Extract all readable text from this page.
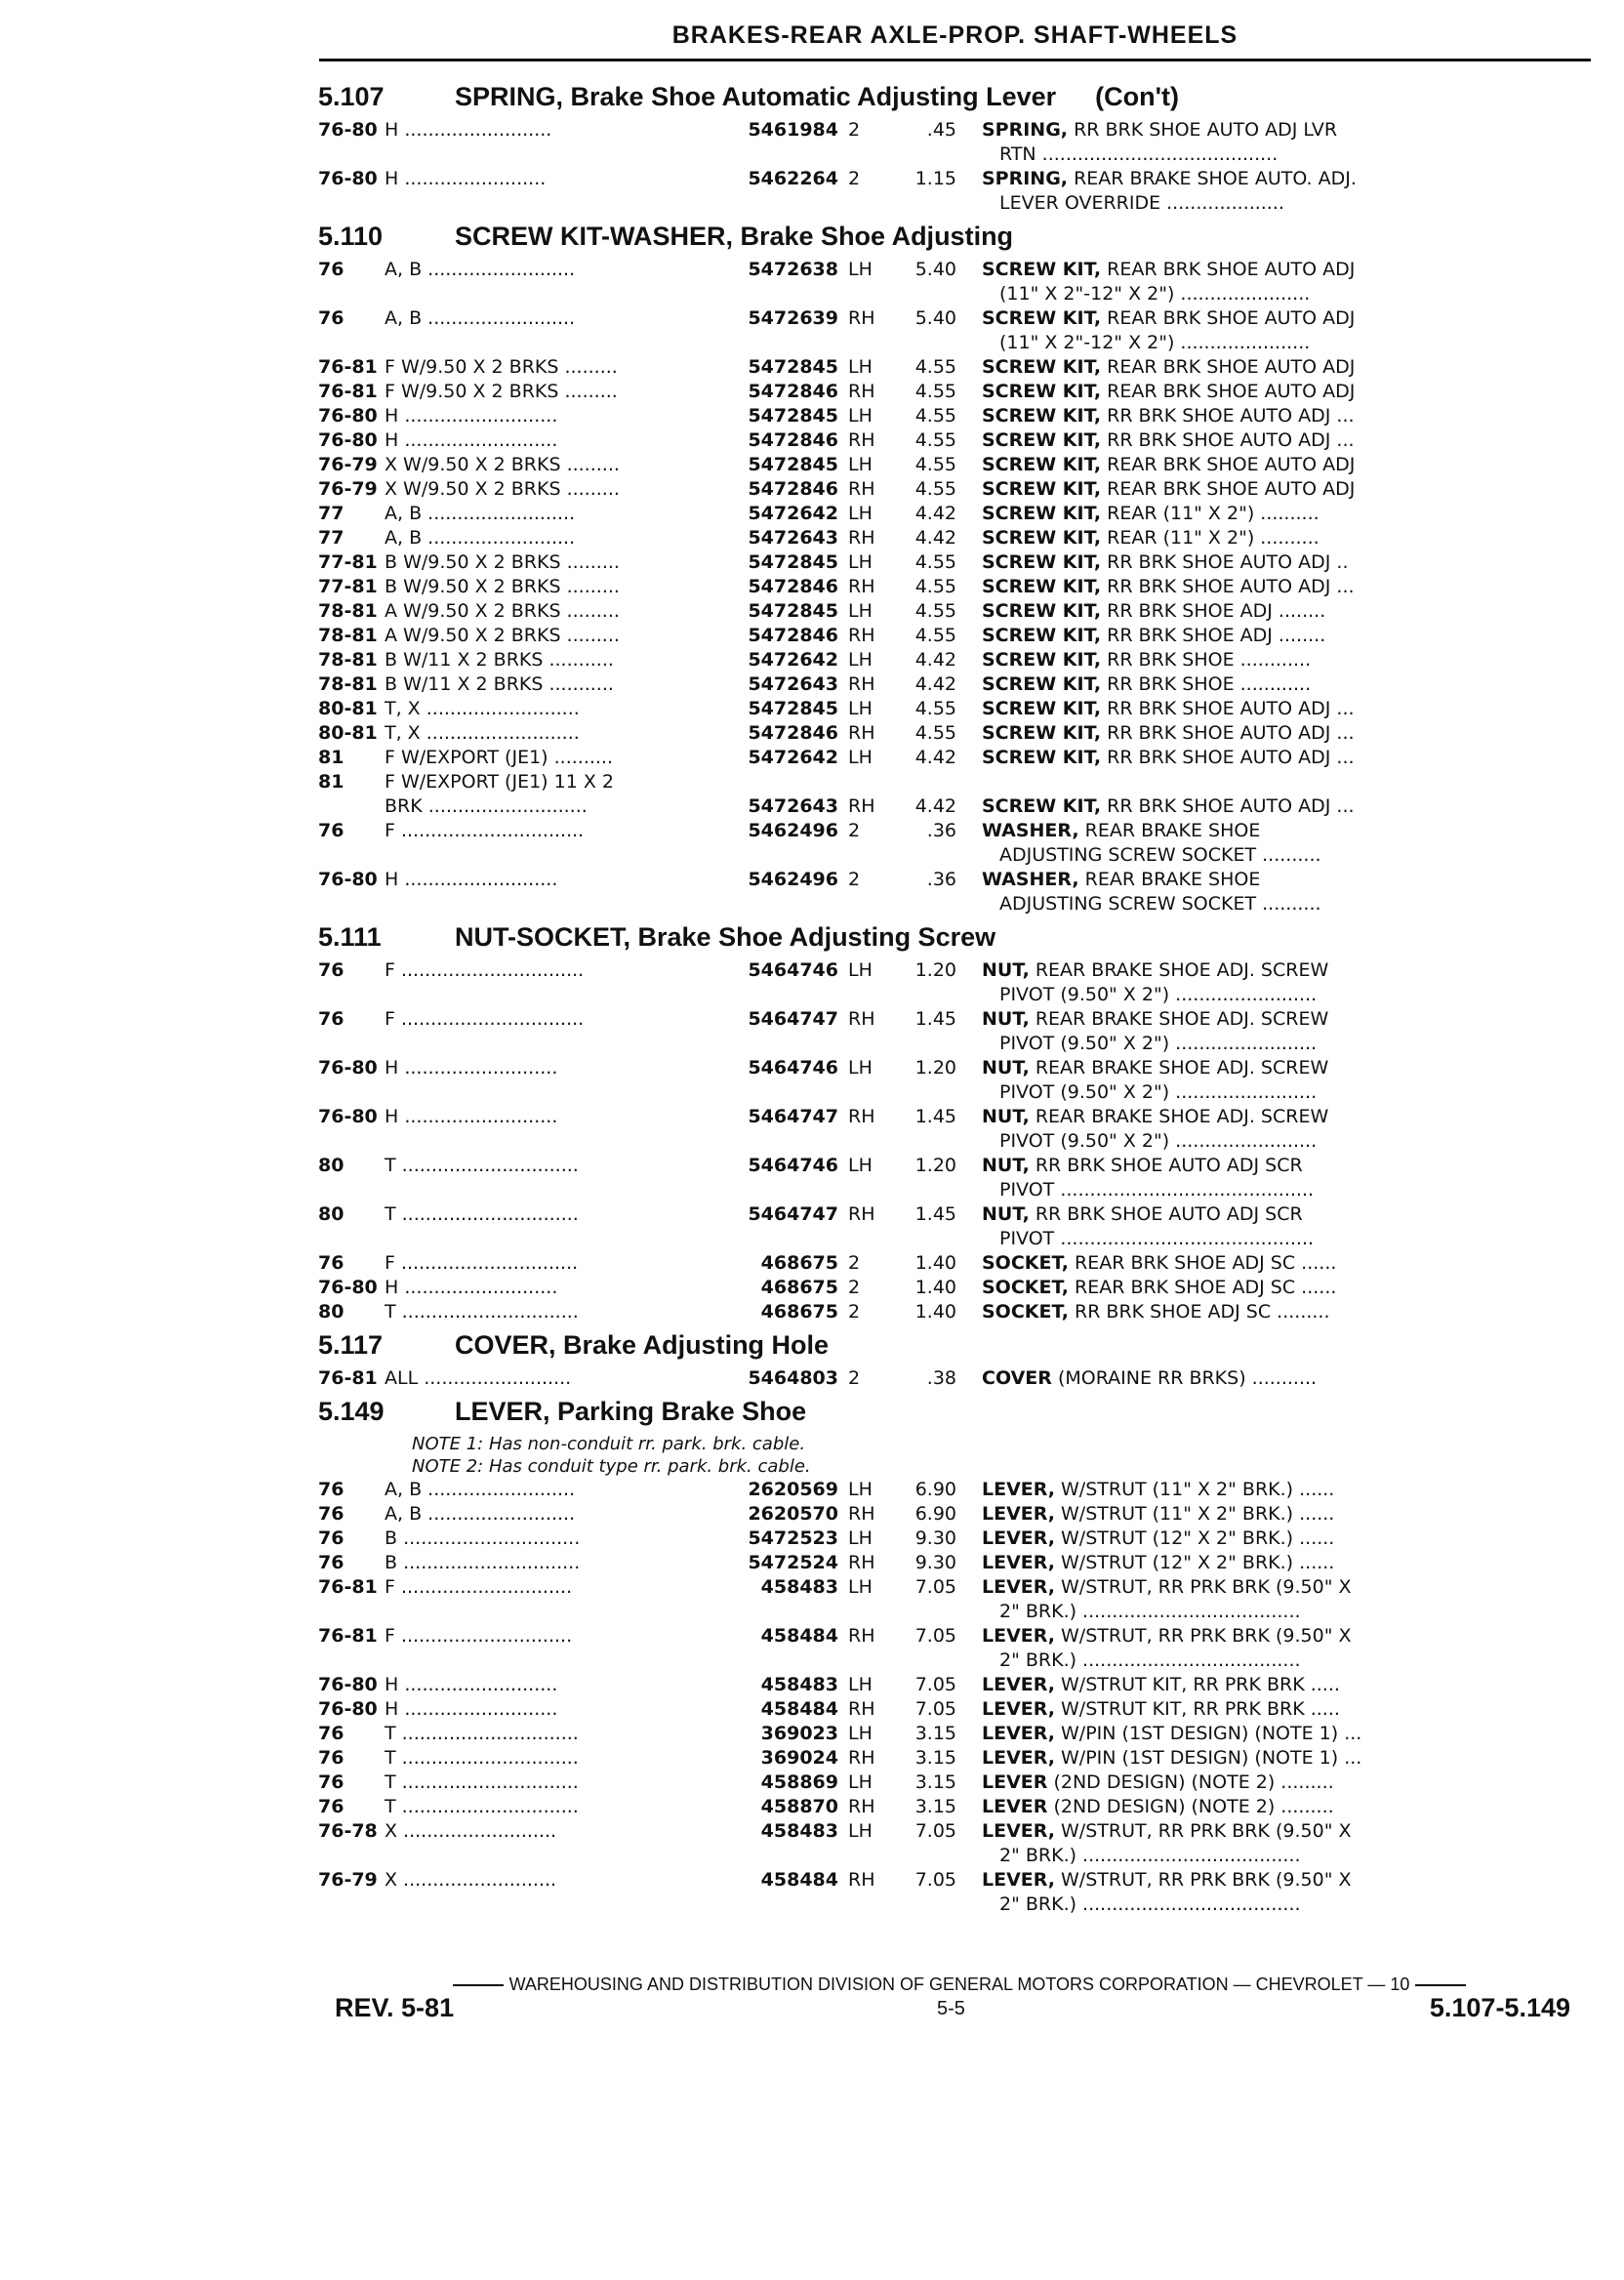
BRAKES-REAR AXLE-PROP. SHAFT-WHEELS
5.107	SPRING, Brake Shoe Automatic Adjusting Lever (Con't)
76-80 H .........................	5461984 2	.45	SPRING, RR BRK SHOE AUTO ADJ LVR
RTN ........................................
76-80 H ........................	5462264 2	1.15	SPRING, REAR BRAKE SHOE AUTO. ADJ.
LEVER OVERRIDE ....................
5.110	SCREW KIT-WASHER, Brake Shoe Adjusting
76	A, B .........................	5472638 LH	5.40	SCREW KIT, REAR BRK SHOE AUTO ADJ
(11" X 2"-12" X 2") ......................
76	A, B .........................	5472639 RH	5.40	SCREW KIT, REAR BRK SHOE AUTO ADJ
(11" X 2"-12" X 2") ......................
76-81 F W/9.50 X 2 BRKS .........	5472845 LH	4.55	SCREW KIT, REAR BRK SHOE AUTO ADJ
76-81 F W/9.50 X 2 BRKS .........	5472846 RH	4.55	SCREW KIT, REAR BRK SHOE AUTO ADJ
76-80 H ..........................	5472845 LH	4.55	SCREW KIT, RR BRK SHOE AUTO ADJ ...
76-80 H ..........................	5472846 RH	4.55	SCREW KIT, RR BRK SHOE AUTO ADJ ...
76-79 X W/9.50 X 2 BRKS .........	5472845 LH	4.55	SCREW KIT, REAR BRK SHOE AUTO ADJ
76-79 X W/9.50 X 2 BRKS .........	5472846 RH	4.55	SCREW KIT, REAR BRK SHOE AUTO ADJ
77	A, B .........................	5472642 LH	4.42	SCREW KIT, REAR (11" X 2") ..........
77	A, B .........................	5472643 RH	4.42	SCREW KIT, REAR (11" X 2") ..........
77-81 B W/9.50 X 2 BRKS .........	5472845 LH	4.55	SCREW KIT, RR BRK SHOE AUTO ADJ ..
77-81 B W/9.50 X 2 BRKS .........	5472846 RH	4.55	SCREW KIT, RR BRK SHOE AUTO ADJ ...
78-81 A W/9.50 X 2 BRKS .........	5472845 LH	4.55	SCREW KIT, RR BRK SHOE ADJ ........
78-81 A W/9.50 X 2 BRKS .........	5472846 RH	4.55	SCREW KIT, RR BRK SHOE ADJ ........
78-81 B W/11 X 2 BRKS ...........	5472642 LH	4.42	SCREW KIT, RR BRK SHOE ............
78-81 B W/11 X 2 BRKS ...........	5472643 RH	4.42	SCREW KIT, RR BRK SHOE ............
80-81 T, X ..........................	5472845 LH	4.55	SCREW KIT, RR BRK SHOE AUTO ADJ ...
80-81 T, X ..........................	5472846 RH	4.55	SCREW KIT, RR BRK SHOE AUTO ADJ ...
81	F W/EXPORT (JE1) ..........	5472642 LH	4.42	SCREW KIT, RR BRK SHOE AUTO ADJ ...
81	F W/EXPORT (JE1) 11 X 2
BRK ...........................	5472643 RH	4.42	SCREW KIT, RR BRK SHOE AUTO ADJ ...
76	F ...............................	5462496 2	.36	WASHER, REAR BRAKE SHOE
ADJUSTING SCREW SOCKET ..........
76-80 H ..........................	5462496 2	.36	WASHER, REAR BRAKE SHOE
ADJUSTING SCREW SOCKET ..........
5.111	NUT-SOCKET, Brake Shoe Adjusting Screw
76	F ...............................	5464746 LH	1.20	NUT, REAR BRAKE SHOE ADJ. SCREW
PIVOT (9.50" X 2") ........................
76	F ...............................	5464747 RH	1.45	NUT, REAR BRAKE SHOE ADJ. SCREW
PIVOT (9.50" X 2") ........................
76-80 H ..........................	5464746 LH	1.20	NUT, REAR BRAKE SHOE ADJ. SCREW
PIVOT (9.50" X 2") ........................
76-80 H ..........................	5464747 RH	1.45	NUT, REAR BRAKE SHOE ADJ. SCREW
PIVOT (9.50" X 2") ........................
80	T ..............................	5464746 LH	1.20	NUT, RR BRK SHOE AUTO ADJ SCR
PIVOT ...........................................
80	T ..............................	5464747 RH	1.45	NUT, RR BRK SHOE AUTO ADJ SCR
PIVOT ...........................................
76	F ..............................	468675 2	1.40	SOCKET, REAR BRK SHOE ADJ SC ......
76-80 H ..........................	468675 2	1.40	SOCKET, REAR BRK SHOE ADJ SC ......
80	T ..............................	468675 2	1.40	SOCKET, RR BRK SHOE ADJ SC .........
5.117	COVER, Brake Adjusting Hole
76-81 ALL .........................	5464803 2	.38	COVER (MORAINE RR BRKS) ...........
5.149	LEVER, Parking Brake Shoe
NOTE 1: Has non-conduit rr. park. brk. cable.
NOTE 2: Has conduit type rr. park. brk. cable.
76	A, B .........................	2620569 LH	6.90	LEVER, W/STRUT (11" X 2" BRK.) ......
76	A, B .........................	2620570 RH	6.90	LEVER, W/STRUT (11" X 2" BRK.) ......
76	B ..............................	5472523 LH	9.30	LEVER, W/STRUT (12" X 2" BRK.) ......
76	B ..............................	5472524 RH	9.30	LEVER, W/STRUT (12" X 2" BRK.) ......
76-81 F .............................	458483 LH	7.05	LEVER, W/STRUT, RR PRK BRK (9.50" X
2" BRK.) .....................................
76-81 F .............................	458484 RH	7.05	LEVER, W/STRUT, RR PRK BRK (9.50" X
2" BRK.) .....................................
76-80 H ..........................	458483 LH	7.05	LEVER, W/STRUT KIT, RR PRK BRK .....
76-80 H ..........................	458484 RH	7.05	LEVER, W/STRUT KIT, RR PRK BRK .....
76	T ..............................	369023 LH	3.15	LEVER, W/PIN (1ST DESIGN) (NOTE 1) ...
76	T ..............................	369024 RH	3.15	LEVER, W/PIN (1ST DESIGN) (NOTE 1) ...
76	T ..............................	458869 LH	3.15	LEVER (2ND DESIGN) (NOTE 2) .........
76	T ..............................	458870 RH	3.15	LEVER (2ND DESIGN) (NOTE 2) .........
76-78 X ..........................	458483 LH	7.05	LEVER, W/STRUT, RR PRK BRK (9.50" X
2" BRK.) .....................................
76-79 X ..........................	458484 RH	7.05	LEVER, W/STRUT, RR PRK BRK (9.50" X
2" BRK.) .....................................
WAREHOUSING AND DISTRIBUTION DIVISION OF GENERAL MOTORS CORPORATION — CHEVROLET — 10
REV. 5-81	5-5	5.107-5.149
